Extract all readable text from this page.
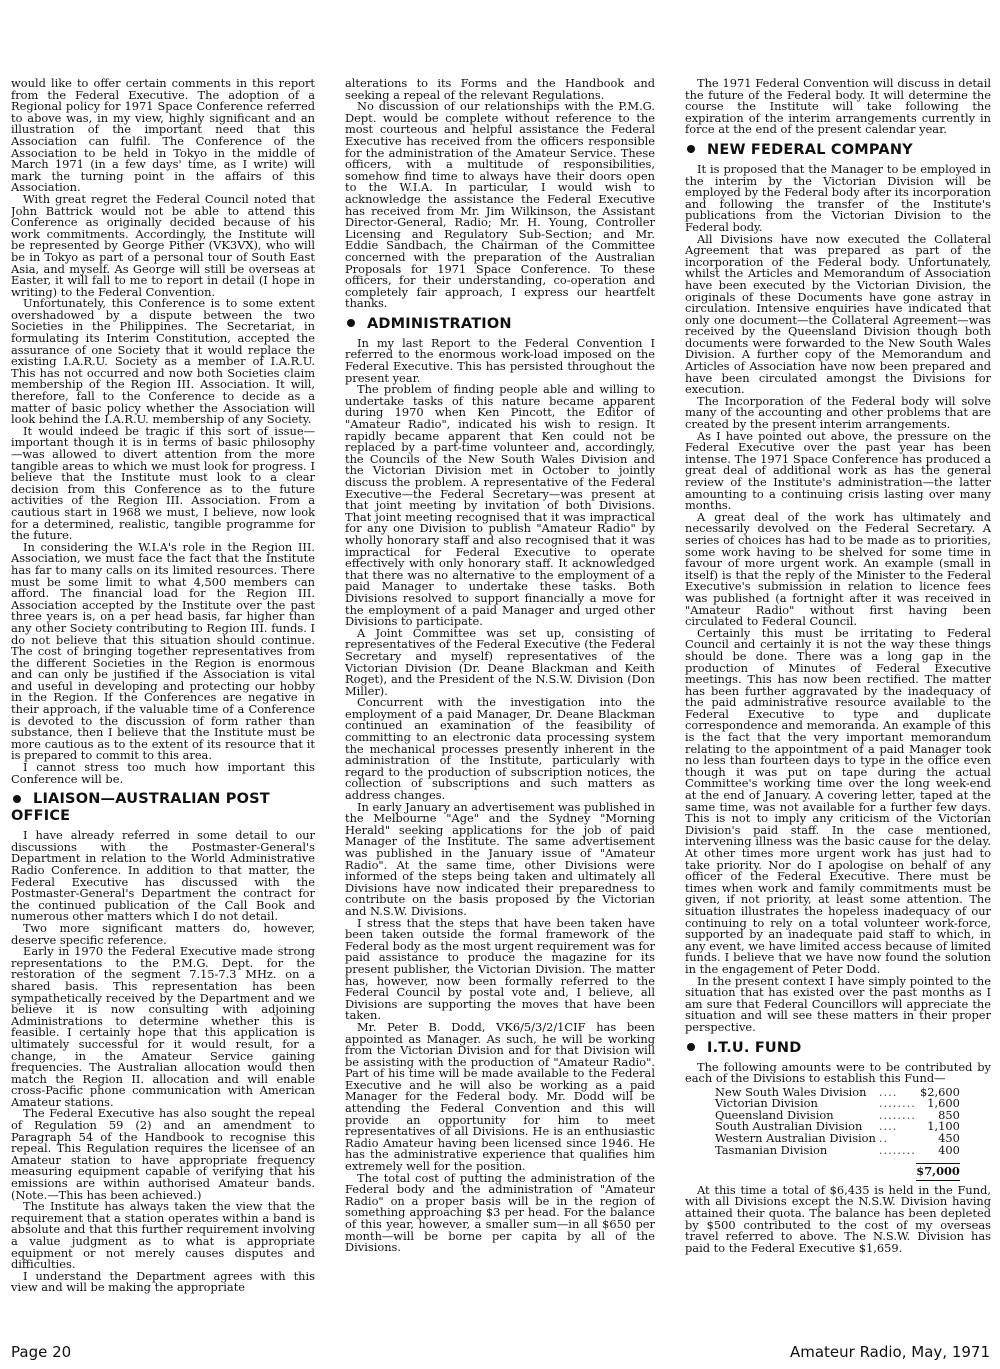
would like to offer certain comments in this report from the Federal Executive. The adoption of a Regional policy for 1971 Space Conference referred to above was, in my view, highly significant and an illustration of the important need that this Association can fulfil. The Conference of the Association to be held in Tokyo in the middle of March 1971 (in a few days' time, as I write) will mark the turning point in the affairs of this Association.

With great regret the Federal Council noted that John Battrick would not be able to attend this Conference as originally decided because of his work commitments. Accordingly, the Institute will be represented by George Pither (VK3VX), who will be in Tokyo as part of a personal tour of South East Asia, and myself. As George will still be overseas at Easter, it will fall to me to report in detail (I hope in writing) to the Federal Convention.

Unfortunately, this Conference is to some extent overshadowed by a dispute between the two Societies in the Philippines. The Secretariat, in formulating its Interim Constitution, accepted the assurance of one Society that it would replace the existing I.A.R.U. Society as a member of I.A.R.U. This has not occurred and now both Societies claim membership of the Region III. Association. It will, therefore, fall to the Conference to decide as a matter of basic policy whether the Association will look behind the I.A.R.U. membership of any Society.

It would indeed be tragic if this sort of issue—important though it is in terms of basic philosophy—was allowed to divert attention from the more tangible areas to which we must look for progress. I believe that the Institute must look to a clear decision from this Conference as to the future activities of the Region III. Association. From a cautious start in 1968 we must, I believe, now look for a determined, realistic, tangible programme for the future.

In considering the W.I.A's role in the Region III. Association, we must face the fact that the Institute has far to many calls on its limited resources. There must be some limit to what 4,500 members can afford. The financial load for the Region III. Association accepted by the Institute over the past three years is, on a per head basis, far higher than any other Society contributing to Region III. funds. I do not believe that this situation should continue. The cost of bringing together representatives from the different Societies in the Region is enormous and can only be justified if the Association is vital and useful in developing and protecting our hobby in the Region. If the Conferences are negative in their approach, if the valuable time of a Conference is devoted to the discussion of form rather than substance, then I believe that the Institute must be more cautious as to the extent of its resource that it is prepared to commit to this area.

I cannot stress too much how important this Conference will be.

LIAISON—AUSTRALIAN POST OFFICE

I have already referred in some detail to our discussions with the Postmaster-General's Department in relation to the World Administrative Radio Conference. In addition to that matter, the Federal Executive has discussed with the Postmaster-General's Department the contract for the continued publication of the Call Book and numerous other matters which I do not detail.

Two more significant matters do, however, deserve specific reference.

Early in 1970 the Federal Executive made strong representations to the P.M.G. Dept. for the restoration of the segment 7.15-7.3 MHz. on a shared basis. This representation has been sympathetically received by the Department and we believe it is now consulting with adjoining Administrations to determine whether this is feasible. I certainly hope that this application is ultimately successful for it would result, for a change, in the Amateur Service gaining frequencies. The Australian allocation would then match the Region II. allocation and will enable cross-Pacific phone communication with American Amateur stations.

The Federal Executive has also sought the repeal of Regulation 59 (2) and an amendment to Paragraph 54 of the Handbook to recognise this repeal. This Regulation requires the licensee of an Amateur station to have appropriate frequency measuring equipment capable of verifying that his emissions are within authorised Amateur bands. (Note.—This has been achieved.)

The Institute has always taken the view that the requirement that a station operates within a band is absolute and that this further requirement involving a value judgment as to what is appropriate equipment or not merely causes disputes and difficulties.

I understand the Department agrees with this view and will be making the appropriate

alterations to its Forms and the Handbook and seeking a repeal of the relevant Regulations.

No discussion of our relationships with the P.M.G. Dept. would be complete without reference to the most courteous and helpful assistance the Federal Executive has received from the officers responsible for the administration of the Amateur Service. These officers, with a multitude of responsibilities, somehow find time to always have their doors open to the W.I.A. In particular, I would wish to acknowledge the assistance the Federal Executive has received from Mr. Jim Wilkinson, the Assistant Director-General, Radio; Mr. H. Young, Controller Licensing and Regulatory Sub-Section; and Mr. Eddie Sandbach, the Chairman of the Committee concerned with the preparation of the Australian Proposals for 1971 Space Conference. To these officers, for their understanding, co-operation and completely fair approach, I express our heartfelt thanks.

ADMINISTRATION

In my last Report to the Federal Convention I referred to the enormous work-load imposed on the Federal Executive. This has persisted throughout the present year.

The problem of finding people able and willing to undertake tasks of this nature became apparent during 1970 when Ken Pincott, the Editor of "Amateur Radio", indicated his wish to resign. It rapidly became apparent that Ken could not be replaced by a part-time volunteer and, accordingly, the Councils of the New South Wales Division and the Victorian Division met in October to jointly discuss the problem. A representative of the Federal Executive—the Federal Secretary—was present at that joint meeting by invitation of both Divisions. That joint meeting recognised that it was impractical for any one Division to publish "Amateur Radio" by wholly honorary staff and also recognised that it was impractical for Federal Executive to operate effectively with only honorary staff. It acknowledged that there was no alternative to the employment of a paid Manager to undertake these tasks. Both Divisions resolved to support financially a move for the employment of a paid Manager and urged other Divisions to participate.

A Joint Committee was set up, consisting of representatives of the Federal Executive (the Federal Secretary and myself) representatives of the Victorian Division (Dr. Deane Blackman and Keith Roget), and the President of the N.S.W. Division (Don Miller).

Concurrent with the investigation into the employment of a paid Manager, Dr. Deane Blackman continued an examination of the feasibility of committing to an electronic data processing system the mechanical processes presently inherent in the administration of the Institute, particularly with regard to the production of subscription notices, the collection of subscriptions and such matters as address changes.

In early January an advertisement was published in the Melbourne "Age" and the Sydney "Morning Herald" seeking applications for the job of paid Manager of the Institute. The same advertisement was published in the January issue of "Amateur Radio". At the same time, other Divisions were informed of the steps being taken and ultimately all Divisions have now indicated their preparedness to contribute on the basis proposed by the Victorian and N.S.W. Divisions.

I stress that the steps that have been taken have been taken outside the formal framework of the Federal body as the most urgent requirement was for paid assistance to produce the magazine for its present publisher, the Victorian Division. The matter has, however, now been formally referred to the Federal Council by postal vote and, I believe, all Divisions are supporting the moves that have been taken.

Mr. Peter B. Dodd, VK6/5/3/2/1CIF has been appointed as Manager. As such, he will be working from the Victorian Division and for that Division will be assisting with the production of "Amateur Radio". Part of his time will be made available to the Federal Executive and he will also be working as a paid Manager for the Federal body. Mr. Dodd will be attending the Federal Convention and this will provide an opportunity for him to meet representatives of all Divisions. He is an enthusiastic Radio Amateur having been licensed since 1946. He has the administrative experience that qualifies him extremely well for the position.

The total cost of putting the administration of the Federal body and the administration of "Amateur Radio" on a proper basis will be in the region of something approaching $3 per head. For the balance of this year, however, a smaller sum—in all $650 per month—will be borne per capita by all of the Divisions.

The 1971 Federal Convention will discuss in detail the future of the Federal body. It will determine the course the Institute will take following the expiration of the interim arrangements currently in force at the end of the present calendar year.

NEW FEDERAL COMPANY

It is proposed that the Manager to be employed in the interim by the Victorian Division will be employed by the Federal body after its incorporation and following the transfer of the Institute's publications from the Victorian Division to the Federal body.

All Divisions have now executed the Collateral Agreement that was prepared as part of the incorporation of the Federal body. Unfortunately, whilst the Articles and Memorandum of Association have been executed by the Victorian Division, the originals of these Documents have gone astray in circulation. Intensive enquiries have indicated that only one document—the Collateral Agreement—was received by the Queensland Division though both documents were forwarded to the New South Wales Division. A further copy of the Memorandum and Articles of Association have now been prepared and have been circulated amongst the Divisions for execution.

The Incorporation of the Federal body will solve many of the accounting and other problems that are created by the present interim arrangements.

As I have pointed out above, the pressure on the Federal Executive over the past year has been intense. The 1971 Space Conference has produced a great deal of additional work as has the general review of the Institute's administration—the latter amounting to a continuing crisis lasting over many months.

A great deal of the work has ultimately and necessarily devolved on the Federal Secretary. A series of choices has had to be made as to priorities, some work having to be shelved for some time in favour of more urgent work. An example (small in itself) is that the reply of the Minister to the Federal Executive's submission in relation to licence fees was published (a fortnight after it was received in "Amateur Radio" without first having been circulated to Federal Council.

Certainly this must be irritating to Federal Council and certainly it is not the way these things should be done. There was a long gap in the production of Minutes of Federal Executive meetings. This has now been rectified. The matter has been further aggravated by the inadequacy of the paid administrative resource available to the Federal Executive to type and duplicate correspondence and memoranda. An example of this is the fact that the very important memorandum relating to the appointment of a paid Manager took no less than fourteen days to type in the office even though it was put on tape during the actual Committee's working time over the long week-end at the end of January. A covering letter, taped at the same time, was not available for a further few days. This is not to imply any criticism of the Victorian Division's paid staff. In the case mentioned, intervening illness was the basic cause for the delay. At other times more urgent work has just had to take priority. Nor do I apologise on behalf of any officer of the Federal Executive. There must be times when work and family commitments must be given, if not priority, at least some attention. The situation illustrates the hopeless inadequacy of our continuing to rely on a total volunteer work-force, supported by an inadequate paid staff to which, in any event, we have limited access because of limited funds. I believe that we have now found the solution in the engagement of Peter Dodd.

In the present context I have simply pointed to the situation that has existed over the past months as I am sure that Federal Councillors will appreciate the situation and will see these matters in their proper perspective.

I.T.U. FUND

The following amounts were to be contributed by each of the Divisions to establish this Fund—

New South Wales Division	....	$2,600
Victorian Division	........	1,600
Queensland Division	........	850
South Australian Division	....	1,100
Western Australian Division	..	450
Tasmanian Division	........	400

		$7,000

At this time a total of $6,435 is held in the Fund, with all Divisions except the N.S.W. Division having attained their quota. The balance has been depleted by $500 contributed to the cost of my overseas travel referred to above. The N.S.W. Division has paid to the Federal Executive $1,659.

Page 20	Amateur Radio, May, 1971
